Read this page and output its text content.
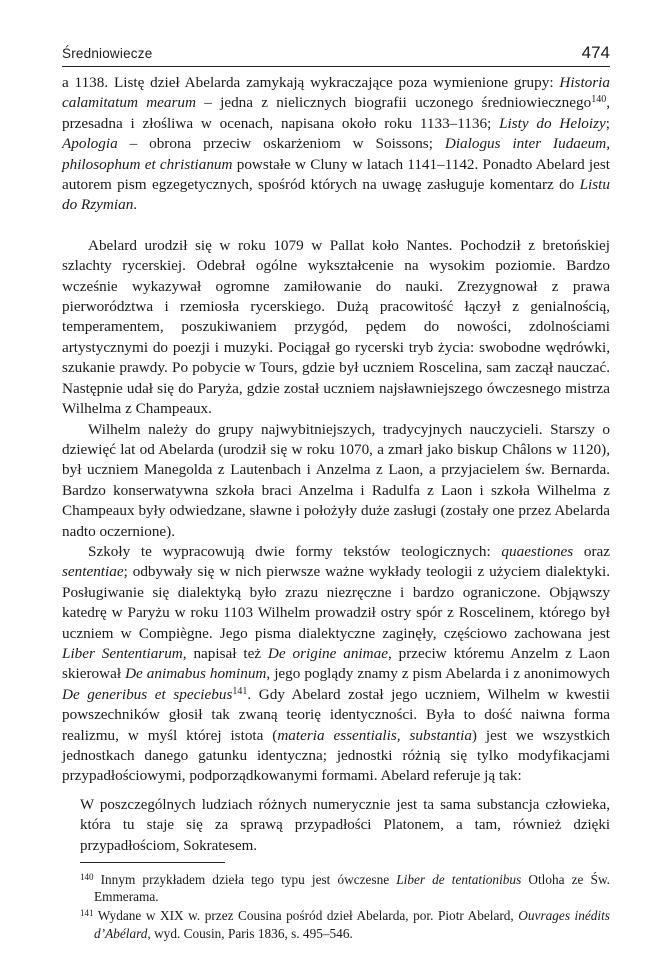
Średniowiecze	474

a 1138. Listę dzieł Abelarda zamykają wykraczające poza wymienione grupy: Historia calamitatum mearum – jedna z nielicznych biografii uczonego średniowiecznego$^{140}$, przesadna i złośliwa w ocenach, napisana około roku 1133–1136; Listy do Heloizy; Apologia – obrona przeciw oskarżeniom w Soissons; Dialogus inter Iudaeum, philosophum et christianum powstałe w Cluny w latach 1141–1142. Ponadto Abelard jest autorem pism egzegetycznych, spośród których na uwagę zasługuje komentarz do Listu do Rzymian.

Abelard urodził się w roku 1079 w Pallat koło Nantes. Pochodził z bretońskiej szlachty rycerskiej. Odebrał ogólne wykształcenie na wysokim poziomie. Bardzo wcześnie wykazywał ogromne zamiłowanie do nauki. Zrezygnował z prawa pierworództwa i rzemiosła rycerskiego. Dużą pracowitość łączył z genialnością, temperamentem, poszukiwaniem przygód, pędem do nowości, zdolnościami artystycznymi do poezji i muzyki. Pociągał go rycerski tryb życia: swobodne wędrówki, szukanie prawdy. Po pobycie w Tours, gdzie był uczniem Roscelina, sam zaczął nauczać. Następnie udał się do Paryża, gdzie został uczniem najsławniejszego ówczesnego mistrza Wilhelma z Champeaux.

Wilhelm należy do grupy najwybitniejszych, tradycyjnych nauczycieli. Starszy o dziewięć lat od Abelarda (urodził się w roku 1070, a zmarł jako biskup Châlons w 1120), był uczniem Manegolda z Lautenbach i Anzelma z Laon, a przyjacielem św. Bernarda. Bardzo konserwatywna szkoła braci Anzelma i Radulfa z Laon i szkoła Wilhelma z Champeaux były odwiedzane, sławne i położyły duże zasługi (zostały one przez Abelarda nadto oczernione).

Szkoły te wypracowują dwie formy tekstów teologicznych: quaestiones oraz sententiae; odbywały się w nich pierwsze ważne wykłady teologii z użyciem dialektyki. Posługiwanie się dialektyką było zrazu niezręczne i bardzo ograniczone. Objąwszy katedrę w Paryżu w roku 1103 Wilhelm prowadził ostry spór z Roscelinem, którego był uczniem w Compiègne. Jego pisma dialektyczne zaginęły, częściowo zachowana jest Liber Sententiarum, napisał też De origine animae, przeciw któremu Anzelm z Laon skierował De animabus hominum, jego poglądy znamy z pism Abelarda i z anonimowych De generibus et speciebus$^{141}$. Gdy Abelard został jego uczniem, Wilhelm w kwestii powszechników głosił tak zwaną teorię identyczności. Była to dość naiwna forma realizmu, w myśl której istota (materia essentialis, substantia) jest we wszystkich jednostkach danego gatunku identyczna; jednostki różnią się tylko modyfikacjami przypadłościowymi, podporządkowanymi formami. Abelard referuje ją tak:

W poszczególnych ludziach różnych numerycznie jest ta sama substancja człowieka, która tu staje się za sprawą przypadłości Platonem, a tam, również dzięki przypadłościom, Sokratesem.

$^{140}$ Innym przykładem dzieła tego typu jest ówczesne Liber de tentationibus Otloha ze Św. Emmerama.

$^{141}$ Wydane w XIX w. przez Cousina pośród dzieł Abelarda, por. Piotr Abelard, Ouvrages inédits d’Abélard, wyd. Cousin, Paris 1836, s. 495–546.
